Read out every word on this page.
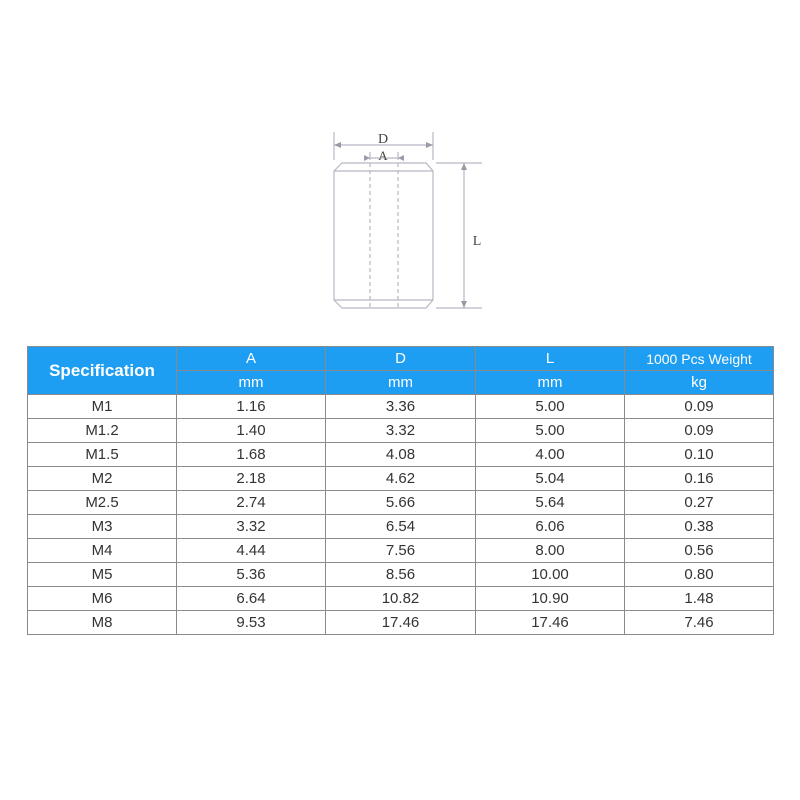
D
A
L
Specification	A	D	L	1000 Pcs Weight
	mm	mm	mm	kg
M1	1.16	3.36	5.00	0.09
M1.2	1.40	3.32	5.00	0.09
M1.5	1.68	4.08	4.00	0.10
M2	2.18	4.62	5.04	0.16
M2.5	2.74	5.66	5.64	0.27
M3	3.32	6.54	6.06	0.38
M4	4.44	7.56	8.00	0.56
M5	5.36	8.56	10.00	0.80
M6	6.64	10.82	10.90	1.48
M8	9.53	17.46	17.46	7.46
